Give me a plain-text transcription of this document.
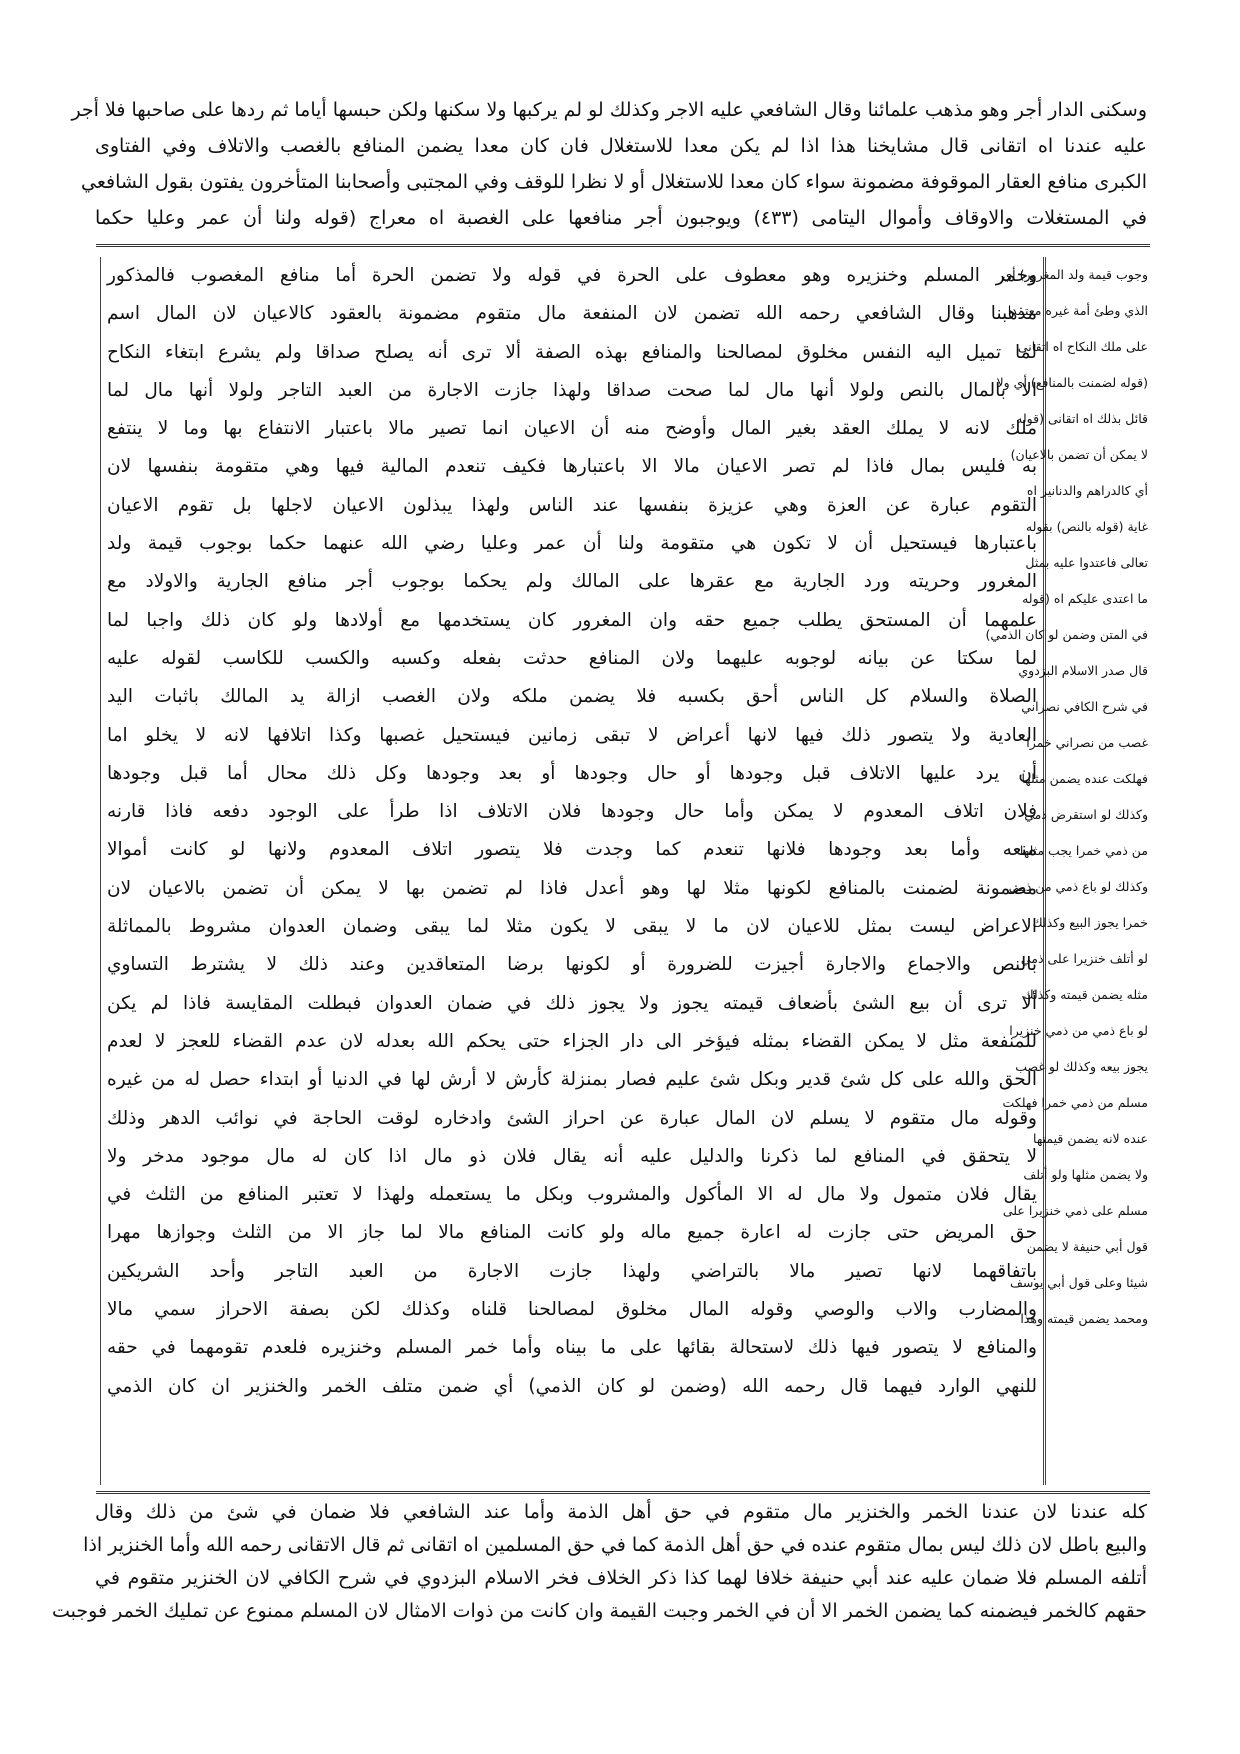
وسكنى الدار أجر وهو مذهب علمائنا وقال الشافعي عليه الاجر وكذلك لو لم يركبها ولا سكنها ولكن حبسها أياما ثم ردها على صاحبها فلا أجر
عليه عندنا اه اتقانى قال مشايخنا هذا اذا لم يكن معدا للاستغلال فان كان معدا يضمن المنافع بالغصب والاتلاف وفي الفتاوى
الكبرى منافع العقار الموقوفة مضمونة سواء كان معدا للاستغلال أو لا نظرا للوقف وفي المجتبى وأصحابنا المتأخرون يفتون بقول الشافعي
في المستغلات والاوقاف وأموال اليتامى (٤٣٣) ويوجبون أجر منافعها على الغصبة اه معراج (قوله ولنا أن عمر وعليا حكما
وخمر المسلم وخنزيره وهو معطوف على الحرة في قوله ولا تضمن الحرة أما منافع المغصوب فالمذكور
مذهبنا وقال الشافعي رحمه الله تضمن لان المنفعة مال متقوم مضمونة بالعقود كالاعيان لان المال اسم
لما تميل اليه النفس مخلوق لمصالحنا والمنافع بهذه الصفة ألا ترى أنه يصلح صداقا ولم يشرع ابتغاء النكاح
الا بالمال بالنص ولولا أنها مال لما صحت صداقا ولهذا جازت الاجارة من العبد التاجر ولولا أنها مال لما
ملك لانه لا يملك العقد بغير المال وأوضح منه أن الاعيان انما تصير مالا باعتبار الانتفاع بها وما لا ينتفع
به فليس بمال فاذا لم تصر الاعيان مالا الا باعتبارها فكيف تنعدم المالية فيها وهي متقومة بنفسها لان
التقوم عبارة عن العزة وهي عزيزة بنفسها عند الناس ولهذا يبذلون الاعيان لاجلها بل تقوم الاعيان
باعتبارها فيستحيل أن لا تكون هي متقومة ولنا أن عمر وعليا رضي الله عنهما حكما بوجوب قيمة ولد
المغرور وحريته ورد الجارية مع عقرها على المالك ولم يحكما بوجوب أجر منافع الجارية والاولاد مع
علمهما أن المستحق يطلب جميع حقه وان المغرور كان يستخدمها مع أولادها ولو كان ذلك واجبا لما
لما سكتا عن بيانه لوجوبه عليهما ولان المنافع حدثت بفعله وكسبه والكسب للكاسب لقوله عليه
الصلاة والسلام كل الناس أحق بكسبه فلا يضمن ملكه ولان الغصب ازالة يد المالك باثبات اليد
العادية ولا يتصور ذلك فيها لانها أعراض لا تبقى زمانين فيستحيل غصبها وكذا اتلافها لانه لا يخلو اما
أن يرد عليها الاتلاف قبل وجودها أو حال وجودها أو بعد وجودها وكل ذلك محال أما قبل وجودها
فلان اتلاف المعدوم لا يمكن وأما حال وجودها فلان الاتلاف اذا طرأ على الوجود دفعه فاذا قارنه
منعه وأما بعد وجودها فلانها تنعدم كما وجدت فلا يتصور اتلاف المعدوم ولانها لو كانت أموالا
مضمونة لضمنت بالمنافع لكونها مثلا لها وهو أعدل فاذا لم تضمن بها لا يمكن أن تضمن بالاعيان لان
الاعراض ليست بمثل للاعيان لان ما لا يبقى لا يكون مثلا لما يبقى وضمان العدوان مشروط بالمماثلة
بالنص والاجماع والاجارة أجيزت للضرورة أو لكونها برضا المتعاقدين وعند ذلك لا يشترط التساوي
ألا ترى أن بيع الشئ بأضعاف قيمته يجوز ولا يجوز ذلك في ضمان العدوان فبطلت المقايسة فاذا لم يكن
للمنفعة مثل لا يمكن القضاء بمثله فيؤخر الى دار الجزاء حتى يحكم الله بعدله لان عدم القضاء للعجز لا لعدم
الحق والله على كل شئ قدير وبكل شئ عليم فصار بمنزلة كأرش لا أرش لها في الدنيا أو ابتداء حصل له من غيره
وقوله مال متقوم لا يسلم لان المال عبارة عن احراز الشئ وادخاره لوقت الحاجة في نوائب الدهر وذلك
لا يتحقق في المنافع لما ذكرنا والدليل عليه أنه يقال فلان ذو مال اذا كان له مال موجود مدخر ولا
يقال فلان متمول ولا مال له الا المأكول والمشروب وبكل ما يستعمله ولهذا لا تعتبر المنافع من الثلث في
حق المريض حتى جازت له اعارة جميع ماله ولو كانت المنافع مالا لما جاز الا من الثلث وجوازها مهرا
باتفاقهما لانها تصير مالا بالتراضي ولهذا جازت الاجارة من العبد التاجر وأحد الشريكين
والمضارب والاب والوصي وقوله المال مخلوق لمصالحنا قلناه وكذلك لكن بصفة الاحراز سمي مالا
والمنافع لا يتصور فيها ذلك لاستحالة بقائها على ما بيناه وأما خمر المسلم وخنزيره فلعدم تقومهما في حقه
للنهي الوارد فيهما قال رحمه الله (وضمن لو كان الذمي) أي ضمن متلف الخمر والخنزير ان كان الذمي
وجوب قيمة ولد المغرور) أي
الذي وطئ أمة غيره معتمدا
على ملك النكاح اه اتقانى
(قوله لضمنت بالمنافع) أي ولا
قائل بذلك اه اتقانى (قوله
لا يمكن أن تضمن بالاعيان)
أي كالدراهم والدنانير اه
غاية (قوله بالنص) بقوله
تعالى فاعتدوا عليه بمثل
ما اعتدى عليكم اه (قوله
في المتن وضمن لو كان الذمي)
قال صدر الاسلام البزدوي
في شرح الكافي نصراني
غصب من نصراني خمرا
فهلكت عنده يضمن مثلها
وكذلك لو استقرض ذمي
من ذمي خمرا يجب مثلها
وكذلك لو باع ذمي من ذمي
خمرا يجوز البيع وكذلك
لو أتلف خنزيرا على ذمي
مثله يضمن قيمته وكذلك
لو باع ذمي من ذمي خنزيرا
يجوز بيعه وكذلك لو غصب
مسلم من ذمي خمرا فهلكت
عنده لانه يضمن قيمتها
ولا يضمن مثلها ولو أتلف
مسلم على ذمي خنزيرا على
قول أبي حنيفة لا يضمن
شيئا وعلى قول أبي يوسف
ومحمد يضمن قيمته وهذا
كله عندنا لان عندنا الخمر والخنزير مال متقوم في حق أهل الذمة وأما عند الشافعي فلا ضمان في شئ من ذلك وقال
والبيع باطل لان ذلك ليس بمال متقوم عنده في حق أهل الذمة كما في حق المسلمين اه اتقانى ثم قال الاتقانى رحمه الله وأما الخنزير اذا
أتلفه المسلم فلا ضمان عليه عند أبي حنيفة خلافا لهما كذا ذكر الخلاف فخر الاسلام البزدوي في شرح الكافي لان الخنزير متقوم في
حقهم كالخمر فيضمنه كما يضمن الخمر الا أن في الخمر وجبت القيمة وان كانت من ذوات الامثال لان المسلم ممنوع عن تمليك الخمر فوجبت
